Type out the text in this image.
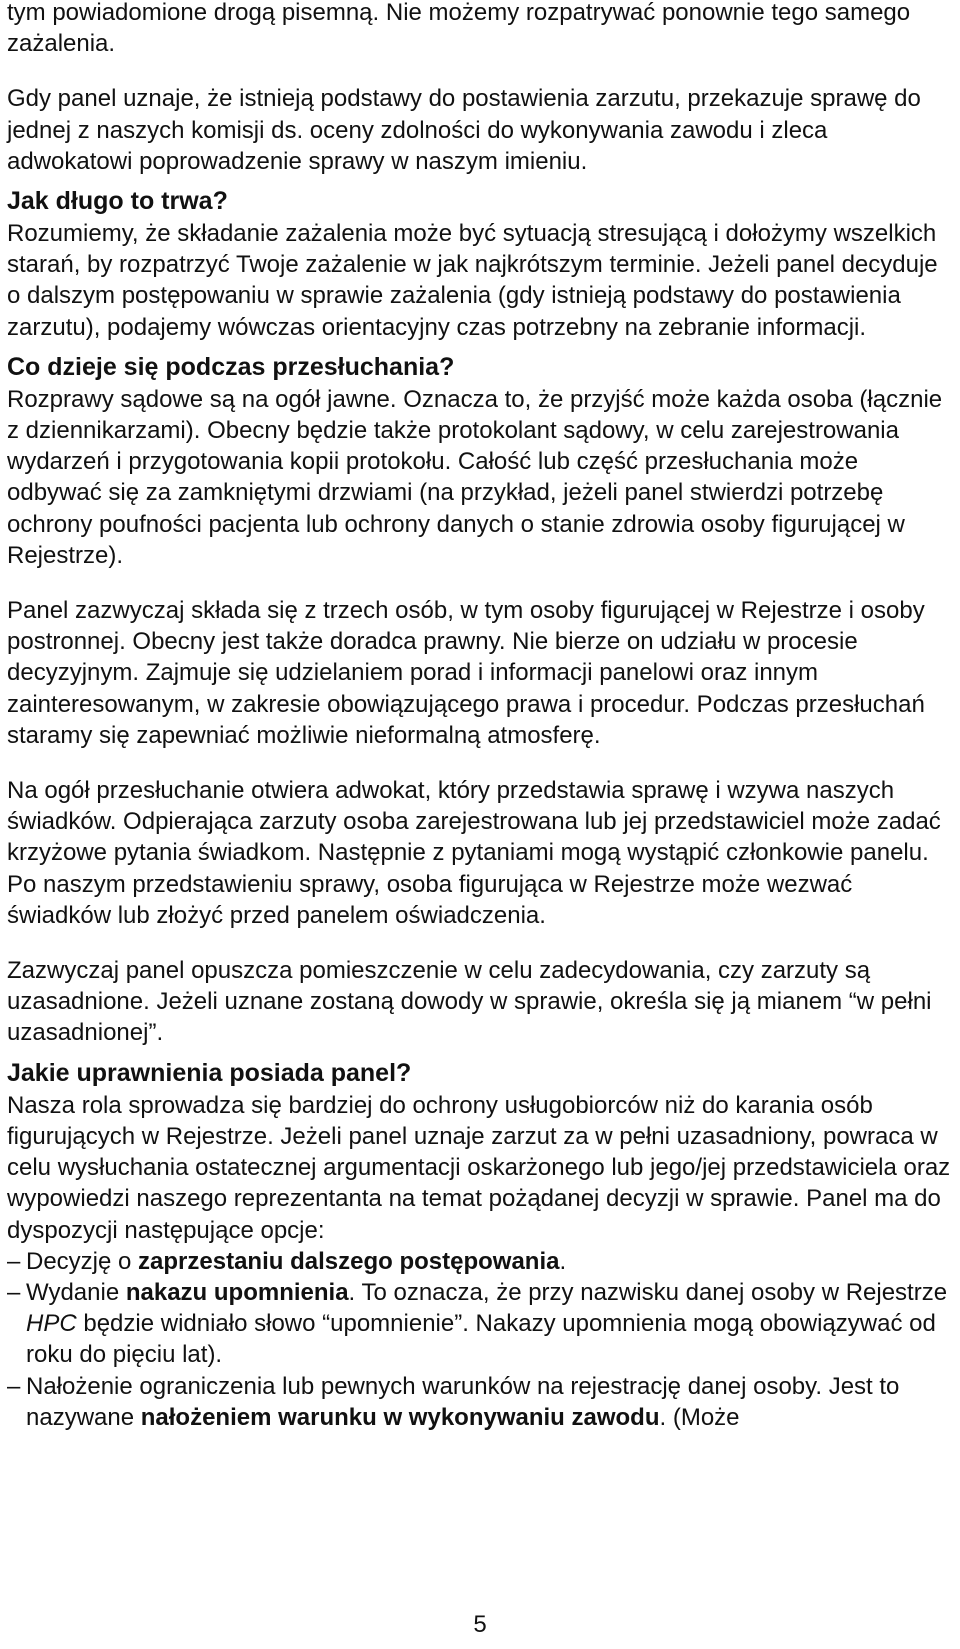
tym powiadomione drogą pisemną. Nie możemy rozpatrywać ponownie tego samego zażalenia.

Gdy panel uznaje, że istnieją podstawy do postawienia zarzutu, przekazuje sprawę do jednej z naszych komisji ds. oceny zdolności do wykonywania zawodu i zleca adwokatowi poprowadzenie sprawy w naszym imieniu.

Jak długo to trwa?

Rozumiemy, że składanie zażalenia może być sytuacją stresującą i dołożymy wszelkich starań, by rozpatrzyć Twoje zażalenie w jak najkrótszym terminie. Jeżeli panel decyduje o dalszym postępowaniu w sprawie zażalenia (gdy istnieją podstawy do postawienia zarzutu), podajemy wówczas orientacyjny czas potrzebny na zebranie informacji.

Co dzieje się podczas przesłuchania?

Rozprawy sądowe są na ogół jawne. Oznacza to, że przyjść może każda osoba (łącznie z dziennikarzami). Obecny będzie także protokolant sądowy, w celu zarejestrowania wydarzeń i przygotowania kopii protokołu. Całość lub część przesłuchania może odbywać się za zamkniętymi drzwiami (na przykład, jeżeli panel stwierdzi potrzebę ochrony poufności pacjenta lub ochrony danych o stanie zdrowia osoby figurującej w Rejestrze).

Panel zazwyczaj składa się z trzech osób, w tym osoby figurującej w Rejestrze i osoby postronnej. Obecny jest także doradca prawny. Nie bierze on udziału w procesie decyzyjnym. Zajmuje się udzielaniem porad i informacji panelowi oraz innym zainteresowanym, w zakresie obowiązującego prawa i procedur. Podczas przesłuchań staramy się zapewniać możliwie nieformalną atmosferę.

Na ogół przesłuchanie otwiera adwokat, który przedstawia sprawę i wzywa naszych świadków. Odpierająca zarzuty osoba zarejestrowana lub jej przedstawiciel może zadać krzyżowe pytania świadkom. Następnie z pytaniami mogą wystąpić członkowie panelu. Po naszym przedstawieniu sprawy, osoba figurująca w Rejestrze może wezwać świadków lub złożyć przed panelem oświadczenia.

Zazwyczaj panel opuszcza pomieszczenie w celu zadecydowania, czy zarzuty są uzasadnione. Jeżeli uznane zostaną dowody w sprawie, określa się ją mianem “w pełni uzasadnionej”.

Jakie uprawnienia posiada panel?

Nasza rola sprowadza się bardziej do ochrony usługobiorców niż do karania osób figurujących w Rejestrze. Jeżeli panel uznaje zarzut za w pełni uzasadniony, powraca w celu wysłuchania ostatecznej argumentacji oskarżonego lub jego/jej przedstawiciela oraz wypowiedzi naszego reprezentanta na temat pożądanej decyzji w sprawie. Panel ma do dyspozycji następujące opcje:

– Decyzję o zaprzestaniu dalszego postępowania.
– Wydanie nakazu upomnienia. To oznacza, że przy nazwisku danej osoby w Rejestrze HPC będzie widniało słowo “upomnienie”. Nakazy upomnienia mogą obowiązywać od roku do pięciu lat).
– Nałożenie ograniczenia lub pewnych warunków na rejestrację danej osoby. Jest to nazywane nałożeniem warunku w wykonywaniu zawodu. (Może
5
